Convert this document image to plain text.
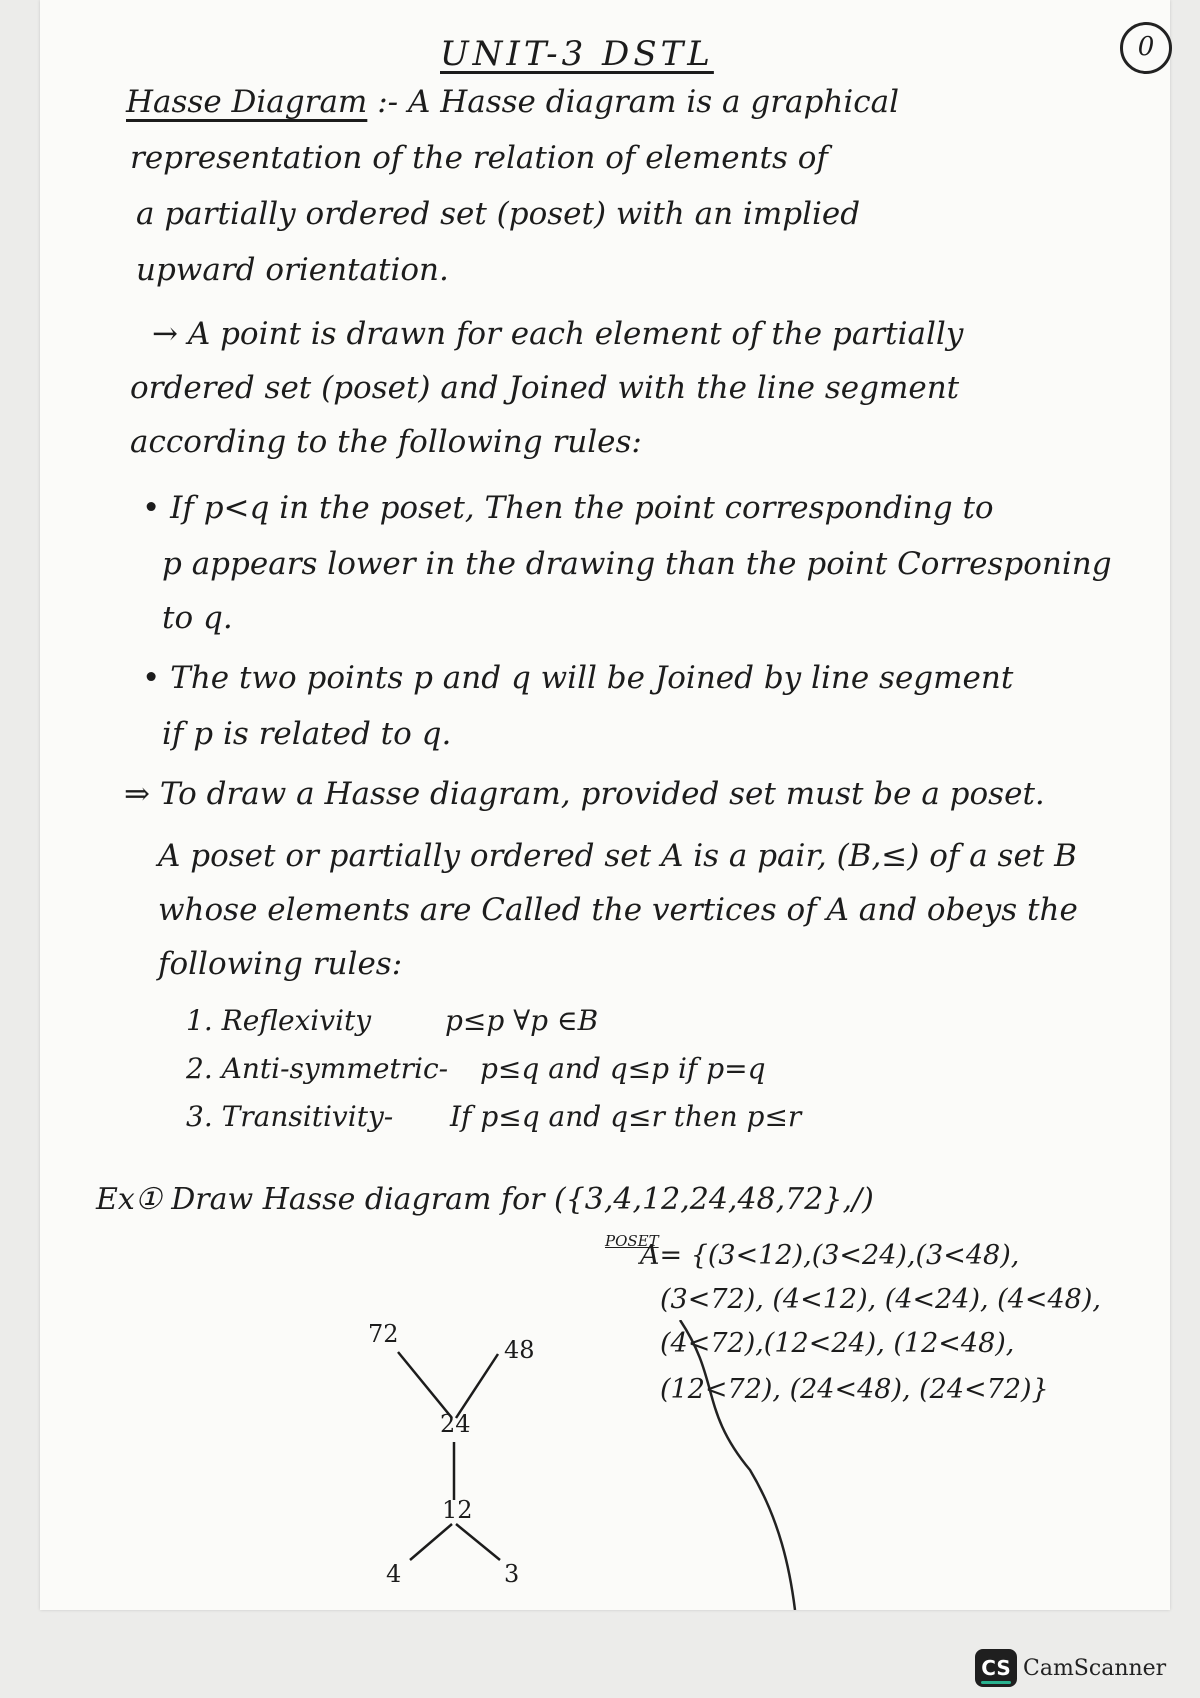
UNIT-3 DSTL	0
Hasse Diagram :- A Hasse diagram is a graphical
representation of the relation of elements of
a partially ordered set (poset) with an implied
upward orientation.
→ A point is drawn for each element of the partially
ordered set (poset) and Joined with the line segment
according to the following rules:
• If p<q in the poset, Then the point corresponding to
p appears lower in the drawing than the point Corresponing
to q.
• The two points p and q will be Joined by line segment
if p is related to q.
⇒ To draw a Hasse diagram, provided set must be a poset.
A poset or partially ordered set A is a pair, (B,≤) of a set B
whose elements are Called the vertices of A and obeys the
following rules:
1. Reflexivity	p≤p ∀p ∈B
2. Anti-symmetric- p≤q and q≤p if p=q
3. Transitivity- If p≤q and q≤r then p≤r
Ex① Draw Hasse diagram for ({3,4,12,24,48,72},/)
POSET
A= {(3<12),(3<24),(3<48),
(3<72), (4<12), (4<24), (4<48),
(4<72),(12<24), (12<48),
(12<72), (24<48), (24<72)}
72
48
24
12
4	3
CS CamScanner
